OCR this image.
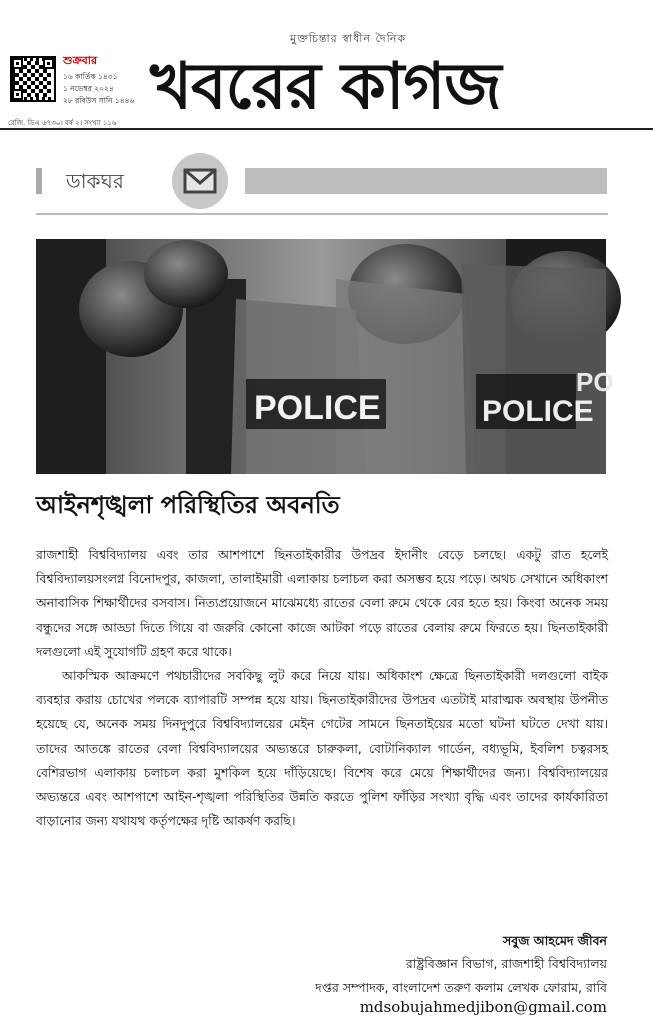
মুক্তচিন্তার স্বাধীন দৈনিক
শুক্রবার
১৬ কার্তিক ১৪৩১
১ নভেম্বর ২০২৪
২৮ রবিউস সানি ১৪৪৬
রেজি. ডিএ ৬৭৩০। বর্ষ ২। সংখ্যা ১১৬ খবরের কাগজ
ডাকঘর
POLICE	POLICE
PO
আইনশৃঙ্খলা পরিস্থিতির অবনতি

রাজশাহী বিশ্ববিদ্যালয় এবং তার আশপাশে ছিনতাইকারীর উপদ্রব ইদানীং বেড়ে চলছে। একটু রাত হলেই বিশ্ববিদ্যালয়সংলগ্ন বিনোদপুর, কাজলা, তালাইমারী এলাকায় চলাচল করা অসম্ভব হয়ে পড়ে। অথচ সেখানে অধিকাংশ অনাবাসিক শিক্ষার্থীদের বসবাস। নিত্যপ্রয়োজনে মাঝেমধ্যে রাতের বেলা রুমে থেকে বের হতে হয়। কিংবা অনেক সময় বন্ধুদের সঙ্গে আড্ডা দিতে গিয়ে বা জরুরি কোনো কাজে আটকা পড়ে রাতের বেলায় রুমে ফিরতে হয়। ছিনতাইকারী দলগুলো এই সুযোগটি গ্রহণ করে থাকে।

আকস্মিক আক্রমণে পথচারীদের সবকিছু লুট করে নিয়ে যায়। অধিকাংশ ক্ষেত্রে ছিনতাইকারী দলগুলো বাইক ব্যবহার করায় চোখের পলকে ব্যাপারটি সম্পন্ন হয়ে যায়। ছিনতাইকারীদের উপদ্রব এতটাই মারাত্মক অবস্থায় উপনীত হয়েছে যে, অনেক সময় দিনদুপুরে বিশ্ববিদ্যালয়ের মেইন গেটের সামনে ছিনতাইয়ের মতো ঘটনা ঘটতে দেখা যায়। তাদের আতঙ্কে রাতের বেলা বিশ্ববিদ্যালয়ের অভ্যন্তরে চারুকলা, বোটানিক্যাল গার্ডেন, বধ্যভূমি, ইবলিশ চত্বরসহ বেশিরভাগ এলাকায় চলাচল করা মুশকিল হয়ে দাঁড়িয়েছে। বিশেষ করে মেয়ে শিক্ষার্থীদের জন্য। বিশ্ববিদ্যালয়ের অভ্যন্তরে এবং আশপাশে আইন-শৃঙ্খলা পরিস্থিতির উন্নতি করতে পুলিশ ফাঁড়ির সংখ্যা বৃদ্ধি এবং তাদের কার্যকারিতা বাড়ানোর জন্য যথাযথ কর্তৃপক্ষের দৃষ্টি আকর্ষণ করছি।

সবুজ আহমেদ জীবন
রাষ্ট্রবিজ্ঞান বিভাগ, রাজশাহী বিশ্ববিদ্যালয়
দপ্তর সম্পাদক, বাংলাদেশ তরুণ কলাম লেখক ফোরাম, রাবি
mdsobujahmedjibon@gmail.com
